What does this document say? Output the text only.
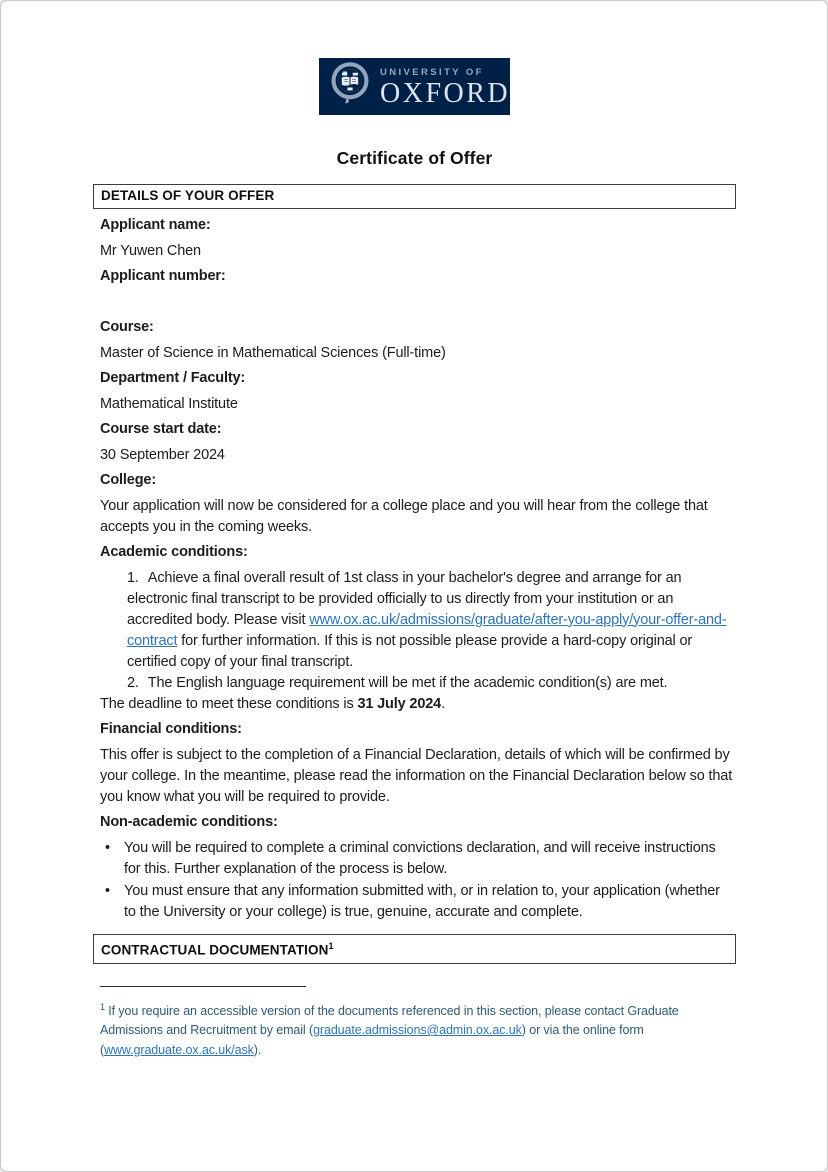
UNIVERSITY OF
OXFORD
Certificate of Offer
DETAILS OF YOUR OFFER

Applicant name:

Mr Yuwen Chen

Applicant number:

Course:

Master of Science in Mathematical Sciences (Full-time)

Department / Faculty:

Mathematical Institute

Course start date:

30 September 2024

College:

Your application will now be considered for a college place and you will hear from the college that accepts you in the coming weeks.

Academic conditions:

1. Achieve a final overall result of 1st class in your bachelor's degree and arrange for an electronic final transcript to be provided officially to us directly from your institution or an accredited body. Please visit www.ox.ac.uk/admissions/graduate/after-you-apply/your-offer-and-contract for further information. If this is not possible please provide a hard-copy original or certified copy of your final transcript.
2. The English language requirement will be met if the academic condition(s) are met.

The deadline to meet these conditions is 31 July 2024.

Financial conditions:

This offer is subject to the completion of a Financial Declaration, details of which will be confirmed by your college. In the meantime, please read the information on the Financial Declaration below so that you know what you will be required to provide.

Non-academic conditions:

• You will be required to complete a criminal convictions declaration, and will receive instructions for this. Further explanation of the process is below.
• You must ensure that any information submitted with, or in relation to, your application (whether to the University or your college) is true, genuine, accurate and complete.
CONTRACTUAL DOCUMENTATION$^1$

$^1$ If you require an accessible version of the documents referenced in this section, please contact Graduate Admissions and Recruitment by email (graduate.admissions@admin.ox.ac.uk) or via the online form (www.graduate.ox.ac.uk/ask).
